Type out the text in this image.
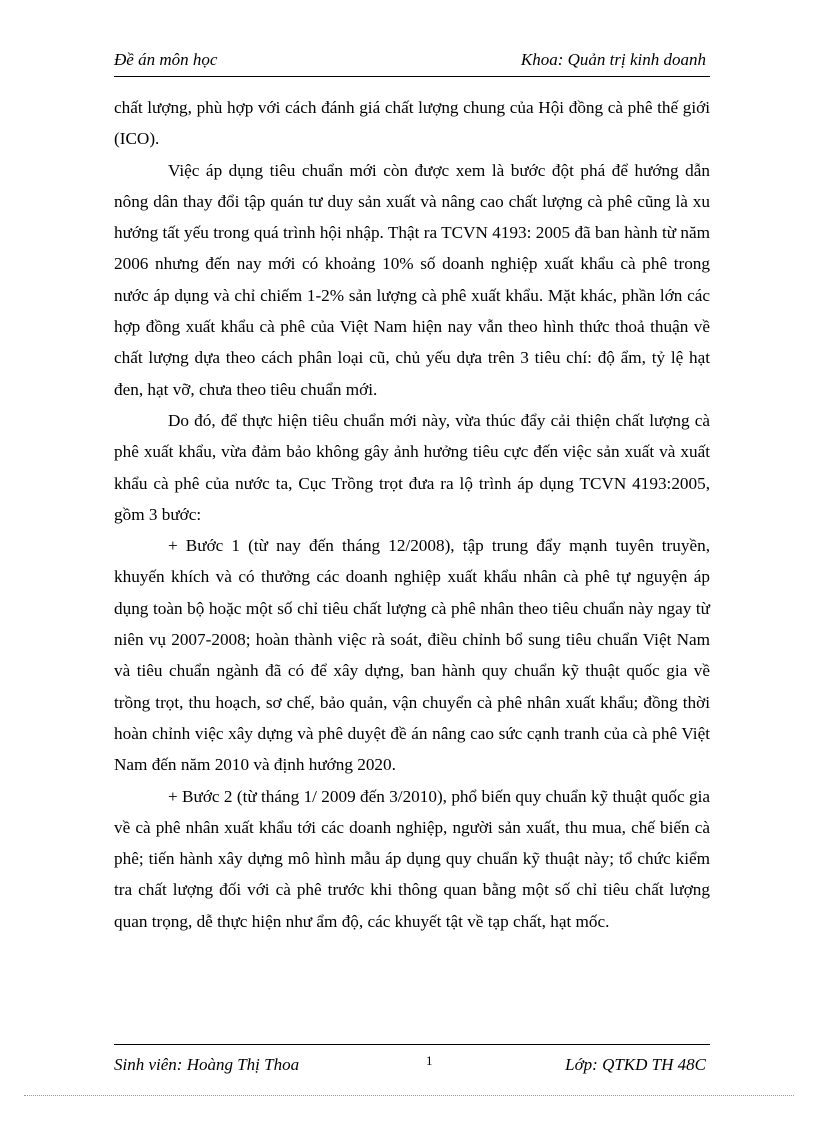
Đề án môn học	Khoa: Quản trị kinh doanh

chất lượng, phù hợp với cách đánh giá chất lượng chung của Hội đồng cà phê thế giới (ICO).

Việc áp dụng tiêu chuẩn mới còn được xem là bước đột phá để hướng dẫn nông dân thay đổi tập quán tư duy sản xuất và nâng cao chất lượng cà phê cũng là xu hướng tất yếu trong quá trình hội nhập. Thật ra TCVN 4193: 2005 đã ban hành từ năm 2006 nhưng đến nay mới có khoảng 10% số doanh nghiệp xuất khẩu cà phê trong nước áp dụng và chỉ chiếm 1-2% sản lượng cà phê xuất khẩu. Mặt khác, phần lớn các hợp đồng xuất khẩu cà phê của Việt Nam hiện nay vẫn theo hình thức thoả thuận về chất lượng dựa theo cách phân loại cũ, chủ yếu dựa trên 3 tiêu chí: độ ẩm, tỷ lệ hạt đen, hạt vỡ, chưa theo tiêu chuẩn mới.

Do đó, để thực hiện tiêu chuẩn mới này, vừa thúc đẩy cải thiện chất lượng cà phê xuất khẩu, vừa đảm bảo không gây ảnh hưởng tiêu cực đến việc sản xuất và xuất khẩu cà phê của nước ta, Cục Trồng trọt đưa ra lộ trình áp dụng TCVN 4193:2005, gồm 3 bước:

+ Bước 1 (từ nay đến tháng 12/2008), tập trung đẩy mạnh tuyên truyền, khuyến khích và có thưởng các doanh nghiệp xuất khẩu nhân cà phê tự nguyện áp dụng toàn bộ hoặc một số chỉ tiêu chất lượng cà phê nhân theo tiêu chuẩn này ngay từ niên vụ 2007-2008; hoàn thành việc rà soát, điều chỉnh bổ sung tiêu chuẩn Việt Nam và tiêu chuẩn ngành đã có để xây dựng, ban hành quy chuẩn kỹ thuật quốc gia về trồng trọt, thu hoạch, sơ chế, bảo quản, vận chuyển cà phê nhân xuất khẩu; đồng thời hoàn chỉnh việc xây dựng và phê duyệt đề án nâng cao sức cạnh tranh của cà phê Việt Nam đến năm 2010 và định hướng 2020.

+ Bước 2 (từ tháng 1/ 2009 đến 3/2010), phổ biến quy chuẩn kỹ thuật quốc gia về cà phê nhân xuất khẩu tới các doanh nghiệp, người sản xuất, thu mua, chế biến cà phê; tiến hành xây dựng mô hình mẫu áp dụng quy chuẩn kỹ thuật này; tổ chức kiểm tra chất lượng đối với cà phê trước khi thông quan bằng một số chỉ tiêu chất lượng quan trọng, dễ thực hiện như ẩm độ, các khuyết tật về tạp chất, hạt mốc.

Sinh viên: Hoàng Thị Thoa	1	Lớp: QTKD TH 48C
